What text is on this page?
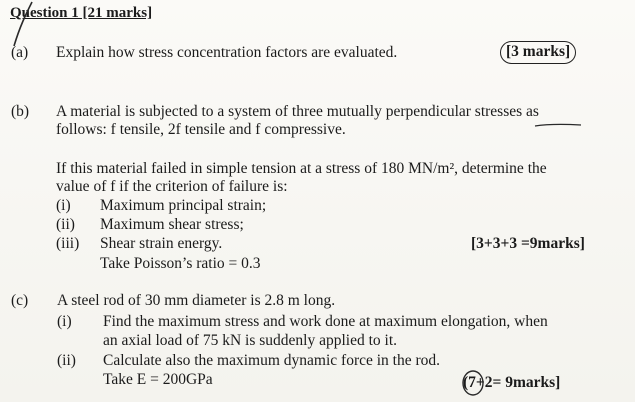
Question 1 [21 marks]
(a) Explain how stress concentration factors are evaluated.	[3 marks]
(b) A material is subjected to a system of three mutually perpendicular stresses as
follows: f tensile, 2f tensile and f compressive.
If this material failed in simple tension at a stress of 180 MN/m², determine the
value of f if the criterion of failure is:
(i) Maximum principal strain;
(ii) Maximum shear stress;
(iii) Shear strain energy.	[3+3+3 =9marks]
Take Poisson’s ratio = 0.3
(c) A steel rod of 30 mm diameter is 2.8 m long.
(i) Find the maximum stress and work done at maximum elongation, when
an axial load of 75 kN is suddenly applied to it.
(ii) Calculate also the maximum dynamic force in the rod.
Take E = 200GPa	(7+2= 9marks]
